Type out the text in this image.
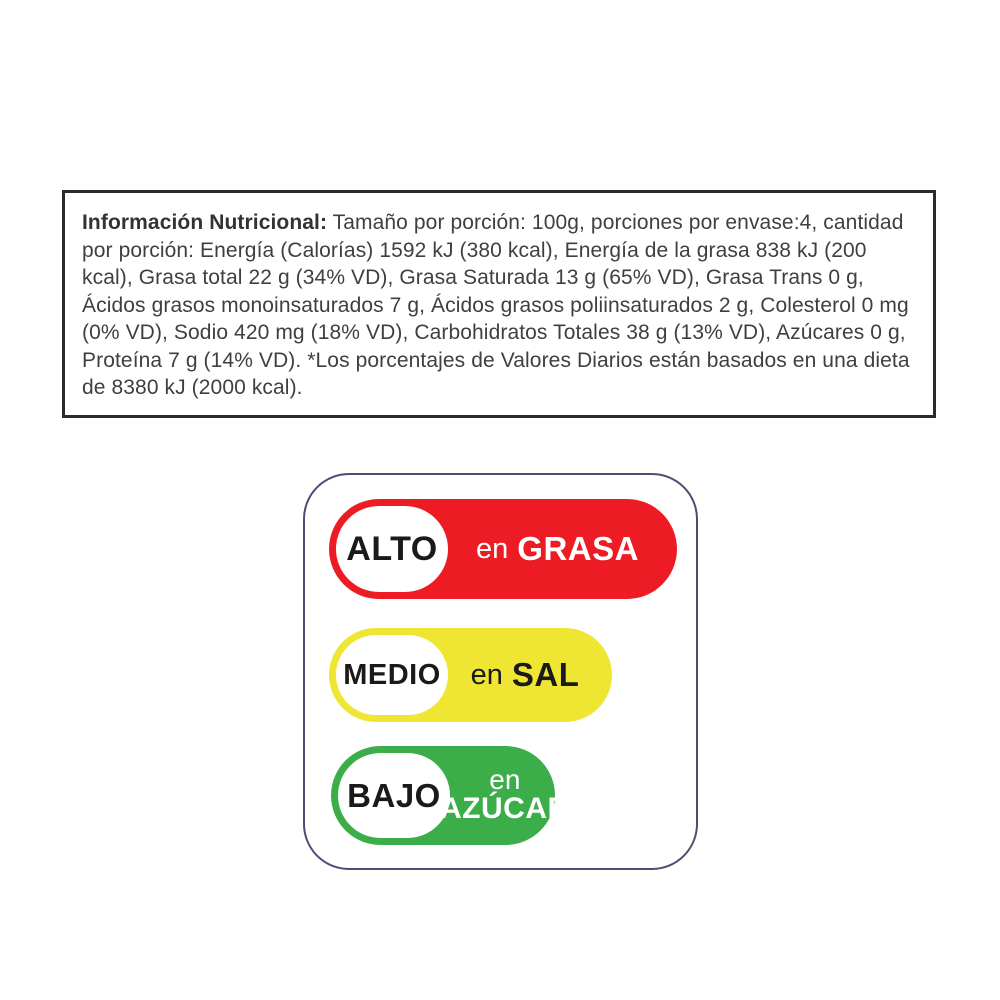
Información Nutricional: Tamaño por porción: 100g, porciones por envase:4, cantidad por porción: Energía (Calorías) 1592 kJ (380 kcal), Energía de la grasa 838 kJ (200 kcal), Grasa total 22 g (34% VD), Grasa Saturada 13 g (65% VD), Grasa Trans 0 g, Ácidos grasos monoinsaturados 7 g, Ácidos grasos poliinsaturados 2 g, Colesterol 0 mg (0% VD), Sodio 420 mg (18% VD), Carbohidratos Totales 38 g (13% VD), Azúcares 0 g, Proteína 7 g (14% VD). *Los porcentajes de Valores Diarios están basados en una dieta de 8380 kJ (2000 kcal).
ALTO en GRASA
MEDIO en SAL
BAJO en
AZÚCAR
